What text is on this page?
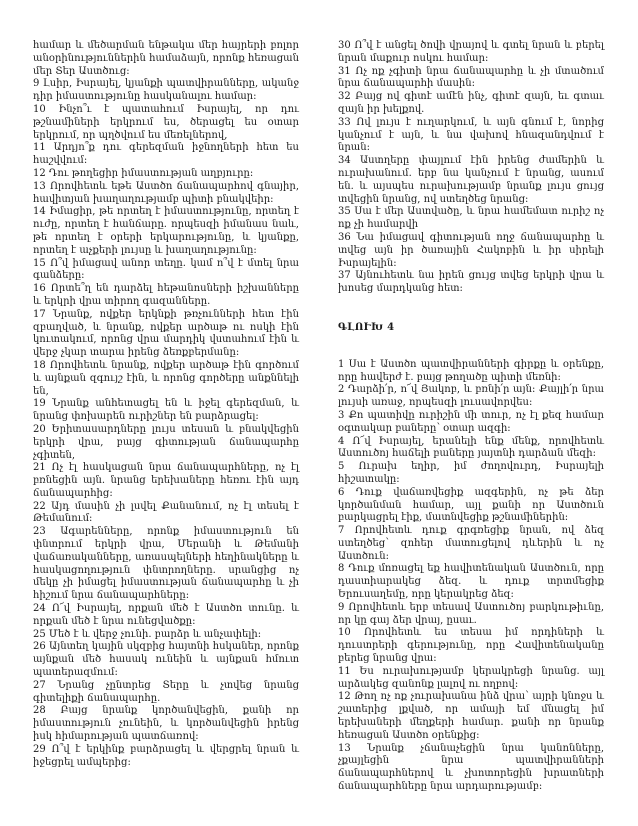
համար և մեծարման ենթակա մեր հայրերի բոլոր անօրինություններին համաձայն, որոնք հեռացան մեր Տեր Աստծուց:

9 Լսիր, Իսրայել, կյանքի պատվիրանները, ականջ դիր իմաստությունը հասկանալու համար:

10 Ինչո՞ւ է պատահում Իսրայել, որ դու թշնամիների երկրում ես, ծերացել ես օտար երկրում, որ պղծվում ես մեռելներով,

11 Արդյո՞ք դու գերեզման իջնողների հետ ես հաշվվում:

12 Դու թողեցիր իմաստության աղբյուրը:

13 Որովհետև եթե Աստծո ճանապարհով գնայիր, հավիտյան խաղաղությամբ պիտի բնակվեիր:

14 Իմացիր, թե որտեղ է իմաստությունը, որտեղ է ուժը, որտեղ է հանճարը. որպեսզի իմանաս նաև, թե որտեղ է օրերի երկարությունը, և կյանքը, որտեղ է աչքերի լույսը և խաղաղությունը:

15 Ո՞վ իմացավ անոր տեղը. կամ ո՞վ է մտել նրա գանձերը:

16 Որտե՞ղ են դարձել հեթանոսների իշխանները և երկրի վրա տիրող գազանները.

17 Նրանք, ովքեր երկնքի թռչունների հետ էին զբաղված, և նրանք, ովքեր արծաթ ու ոսկի էին կուտակում, որոնց վրա մարդիկ վստահում էին և վերջ չկար տարա իրենց ձեռքբերմանը:

18 Որովհետև նրանք, ովքեր արծաթ էին գործում և այնքան զգույշ էին, և որոնց գործերը անքննելի են,

19 Նրանք անհետացել են և իջել գերեզման, և նրանց փոխարեն ուրիշներ են բարձրացել:

20 Երիտասարդները լույս տեսան և բնակվեցին երկրի վրա, բայց գիտության ճանապարհը չգիտեն,

21 Ոչ էլ հասկացան նրա ճանապարհները, ոչ էլ բռնեցին այն. նրանց երեխաները հեռու էին այդ ճանապարհից:

22 Այդ մասին չի լսվել Քանանում, ոչ էլ տեսել է Թեմանում:

23 Ագարենները, որոնք իմաստություն են փնտրում երկրի վրա, Մերանի և Թեմանի վաճառականները, առասպելների հեղինակները և հասկացողություն փնտրողները. սրանցից ոչ մեկը չի իմացել իմաստության ճանապարհը և չի հիշում նրա ճանապարհները:

24 Ո՜վ Իսրայել, որքան մեծ է Աստծո տունը. և որքան մեծ է նրա ունեցվածքը:

25 Մեծ է և վերջ չունի. բարձր և անչափելի:

26 Այնտեղ կային սկզբից հայտնի հսկաներ, որոնք այնքան մեծ հասակ ունեին և այնքան հմուտ պատերազմում:

27 Նրանց չընտրեց Տերը և չտվեց նրանց գիտելիքի ճանապարհը.

28 Բայց նրանք կործանվեցին, քանի որ իմաստություն չունեին, և կործանվեցին իրենց իսկ հիմարության պատճառով:

29 Ո՞վ է երկինք բարձրացել և վերցրել նրան և իջեցրել ամպերից:

30 Ո՞վ է անցել ծովի վրայով և գտել նրան և բերել նրան մաքուր ոսկու համար:

31 Ոչ ոք չգիտի նրա ճանապարհը և չի մտածում նրա ճանապարհի մասին:

32 Բայց ով գիտէ ամէն ինչ, գիտէ զայն, եւ գտաւ զայն իր խելքով.

33 Ով լույս է ուղարկում, և այն գնում է, նորից կանչում է այն, և նա վախով հնազանդվում է նրան:

34 Աստղերը փայլում էին իրենց ժամերին և ուրախանում. երբ նա կանչում է նրանց, ասում են. և այսպես ուրախությամբ նրանք լույս ցույց տվեցին նրանց, ով ստեղծեց նրանց:

35 Սա է մեր Աստվածը, և նրա համեմատ ուրիշ ոչ ոք չի համարվի

36 Նա իմացավ գիտության ողջ ճանապարհը և տվեց այն իր ծառային Հակոբին և իր սիրելի Իսրայելին:

37 Այնուհետև նա իրեն ցույց տվեց երկրի վրա և խոսեց մարդկանց հետ:

ԳԼՈՒԽ 4

1 Սա է Աստծո պատվիրանների գիրքը և օրենքը, որը հավերժ է. բայց թողածը պիտի մեռնի:

2 Դարձի՛ր, ո՜վ Յակոբ, և բռնի՛ր այն: Քայլի՛ր նրա լույսի առաջ, որպեսզի լուսավորվես:

3 Քո պատիվը ուրիշին մի տուր, ոչ էլ քեզ համար օգտակար բաները՝ օտար ազգի:

4 Ո՜վ Իսրայել, երանելի ենք մենք, որովհետև Աստուծոյ հաճելի բաները յայտնի դարձան մեզի:

5 Ուրախ եղիր, իմ ժողովուրդ, Իսրայելի հիշատակը:

6 Դուք վաճառվեցիք ազգերին, ոչ թե ձեր կործանման համար, այլ քանի որ Աստծուն բարկացրել էիք, մատնվեցիք թշնամիներին:

7 Որովհետև դուք գրգռեցիք նրան, ով ձեզ ստեղծեց՝ զոհեր մատուցելով դևերին և ոչ Աստծուն:

8 Դուք մոռացել եք հավիտենական Աստծուն, որը դաստիարակեց ձեզ. և դուք տրտմեցիք Երուսաղեմը, որը կերակրեց ձեզ:

9 Որովհետև երբ տեսավ Աստուծոյ բարկութիւնը, որ կը գայ ձեր վրայ, ըսաւ.

10 Որովհետև ես տեսա իմ որդիների և դուստրերի գերությունը, որը Հավիտենականը բերեց նրանց վրա:

11 Ես ուրախությամբ կերակրեցի նրանց. այլ արձակեց զանոնք լալով ու ողբով:

12 Թող ոչ ոք չուրախանա ինձ վրա՝ այրի կնոջս և շատերից լքված, որ ամայի եմ մնացել իմ երեխաների մեղքերի համար. քանի որ նրանք հեռացան Աստծո օրենքից:

13 Նրանք չճանաչեցին նրա կանոնները, չքայլեցին նրա պատվիրանների ճանապարհներով և չխոտորեցին խրատների ճանապարհները նրա արդարությամբ:
